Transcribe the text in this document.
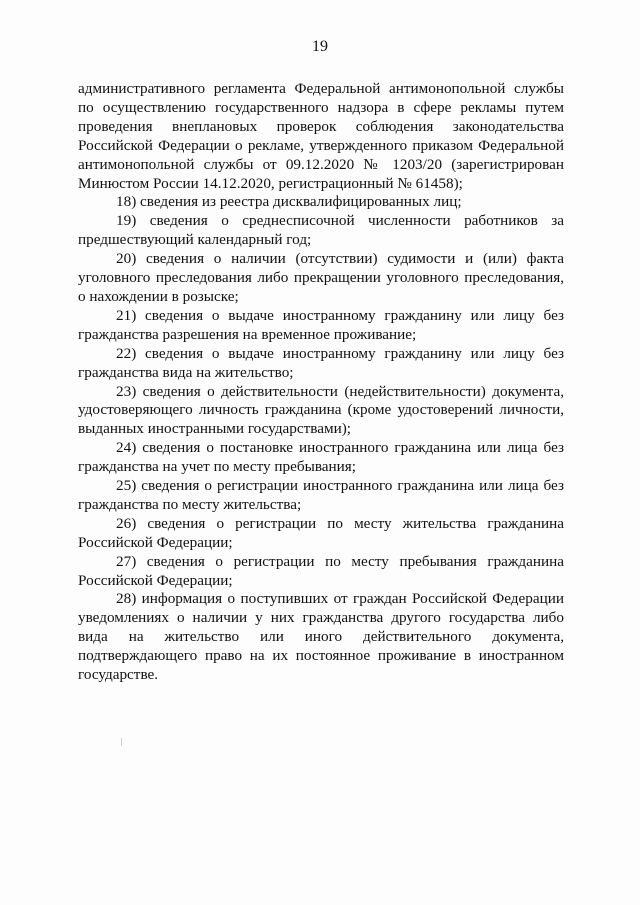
19

административного регламента Федеральной антимонопольной службы по осуществлению государственного надзора в сфере рекламы путем проведения внеплановых проверок соблюдения законодательства Российской Федерации о рекламе, утвержденного приказом Федеральной антимонопольной службы от 09.12.2020 № 1203/20 (зарегистрирован Минюстом России 14.12.2020, регистрационный № 61458);

18) сведения из реестра дисквалифицированных лиц;

19) сведения о среднесписочной численности работников за предшествующий календарный год;

20) сведения о наличии (отсутствии) судимости и (или) факта уголовного преследования либо прекращении уголовного преследования, о нахождении в розыске;

21) сведения о выдаче иностранному гражданину или лицу без гражданства разрешения на временное проживание;

22) сведения о выдаче иностранному гражданину или лицу без гражданства вида на жительство;

23) сведения о действительности (недействительности) документа, удостоверяющего личность гражданина (кроме удостоверений личности, выданных иностранными государствами);

24) сведения о постановке иностранного гражданина или лица без гражданства на учет по месту пребывания;

25) сведения о регистрации иностранного гражданина или лица без гражданства по месту жительства;

26) сведения о регистрации по месту жительства гражданина Российской Федерации;

27) сведения о регистрации по месту пребывания гражданина Российской Федерации;

28) информация о поступивших от граждан Российской Федерации уведомлениях о наличии у них гражданства другого государства либо вида на жительство или иного действительного документа, подтверждающего право на их постоянное проживание в иностранном государстве.
